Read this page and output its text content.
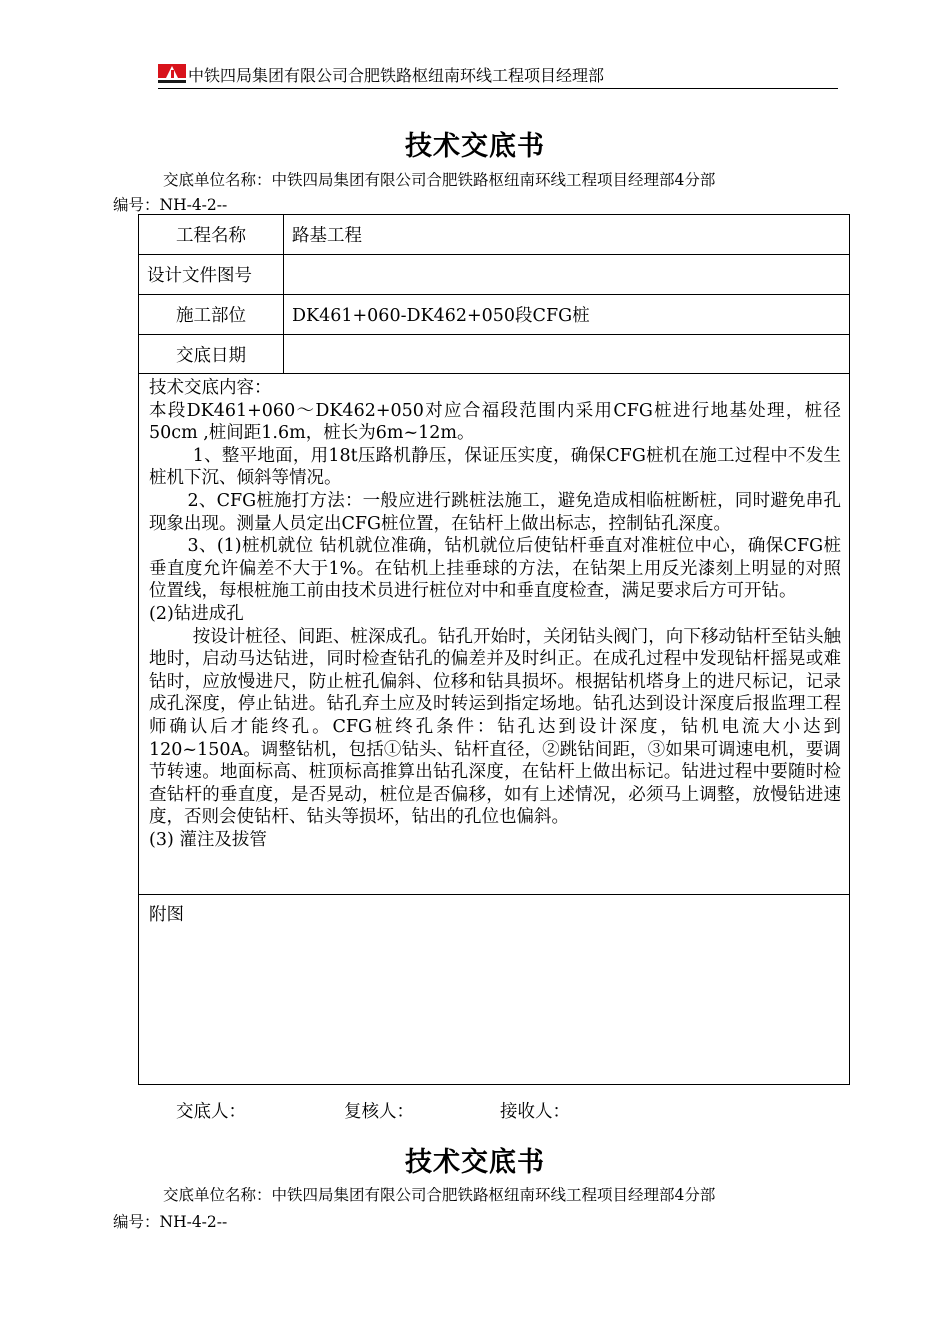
中铁四局集团有限公司合肥铁路枢纽南环线工程项目经理部
技术交底书
交底单位名称：中铁四局集团有限公司合肥铁路枢纽南环线工程项目经理部4分部
编号：NH-4-2--
工程名称	路基工程
设计文件图号	
施工部位	DK461+060-DK462+050段CFG桩
交底日期	

技术交底内容：

本段DK461+060～DK462+050对应合福段范围内采用CFG桩进行地基处理，桩径50cm ,桩间距1.6m，桩长为6m~12m。

1、整平地面，用18t压路机静压，保证压实度，确保CFG桩机在施工过程中不发生桩机下沉、倾斜等情况。

2、CFG桩施打方法：一般应进行跳桩法施工，避免造成相临桩断桩，同时避免串孔现象出现。测量人员定出CFG桩位置，在钻杆上做出标志，控制钻孔深度。

3、(1)桩机就位 钻机就位准确，钻机就位后使钻杆垂直对准桩位中心，确保CFG桩垂直度允许偏差不大于1%。在钻机上挂垂球的方法，在钻架上用反光漆刻上明显的对照位置线，每根桩施工前由技术员进行桩位对中和垂直度检查，满足要求后方可开钻。

(2)钻进成孔

按设计桩径、间距、桩深成孔。钻孔开始时，关闭钻头阀门，向下移动钻杆至钻头触地时，启动马达钻进，同时检查钻孔的偏差并及时纠正。在成孔过程中发现钻杆摇晃或难钻时，应放慢进尺，防止桩孔偏斜、位移和钻具损坏。根据钻机塔身上的进尺标记，记录成孔深度，停止钻进。钻孔弃土应及时转运到指定场地。钻孔达到设计深度后报监理工程师确认后才能终孔。CFG桩终孔条件：钻孔达到设计深度，钻机电流大小达到120~150A。调整钻机，包括①钻头、钻杆直径，②跳钻间距，③如果可调速电机，要调节转速。地面标高、桩顶标高推算出钻孔深度，在钻杆上做出标记。钻进过程中要随时检查钻杆的垂直度，是否晃动，桩位是否偏移，如有上述情况，必须马上调整，放慢钻进速度，否则会使钻杆、钻头等损坏，钻出的孔位也偏斜。

(3) 灌注及拔管

附图
交底人：	复核人：	接收人：
技术交底书
交底单位名称：中铁四局集团有限公司合肥铁路枢纽南环线工程项目经理部4分部
编号：NH-4-2--
